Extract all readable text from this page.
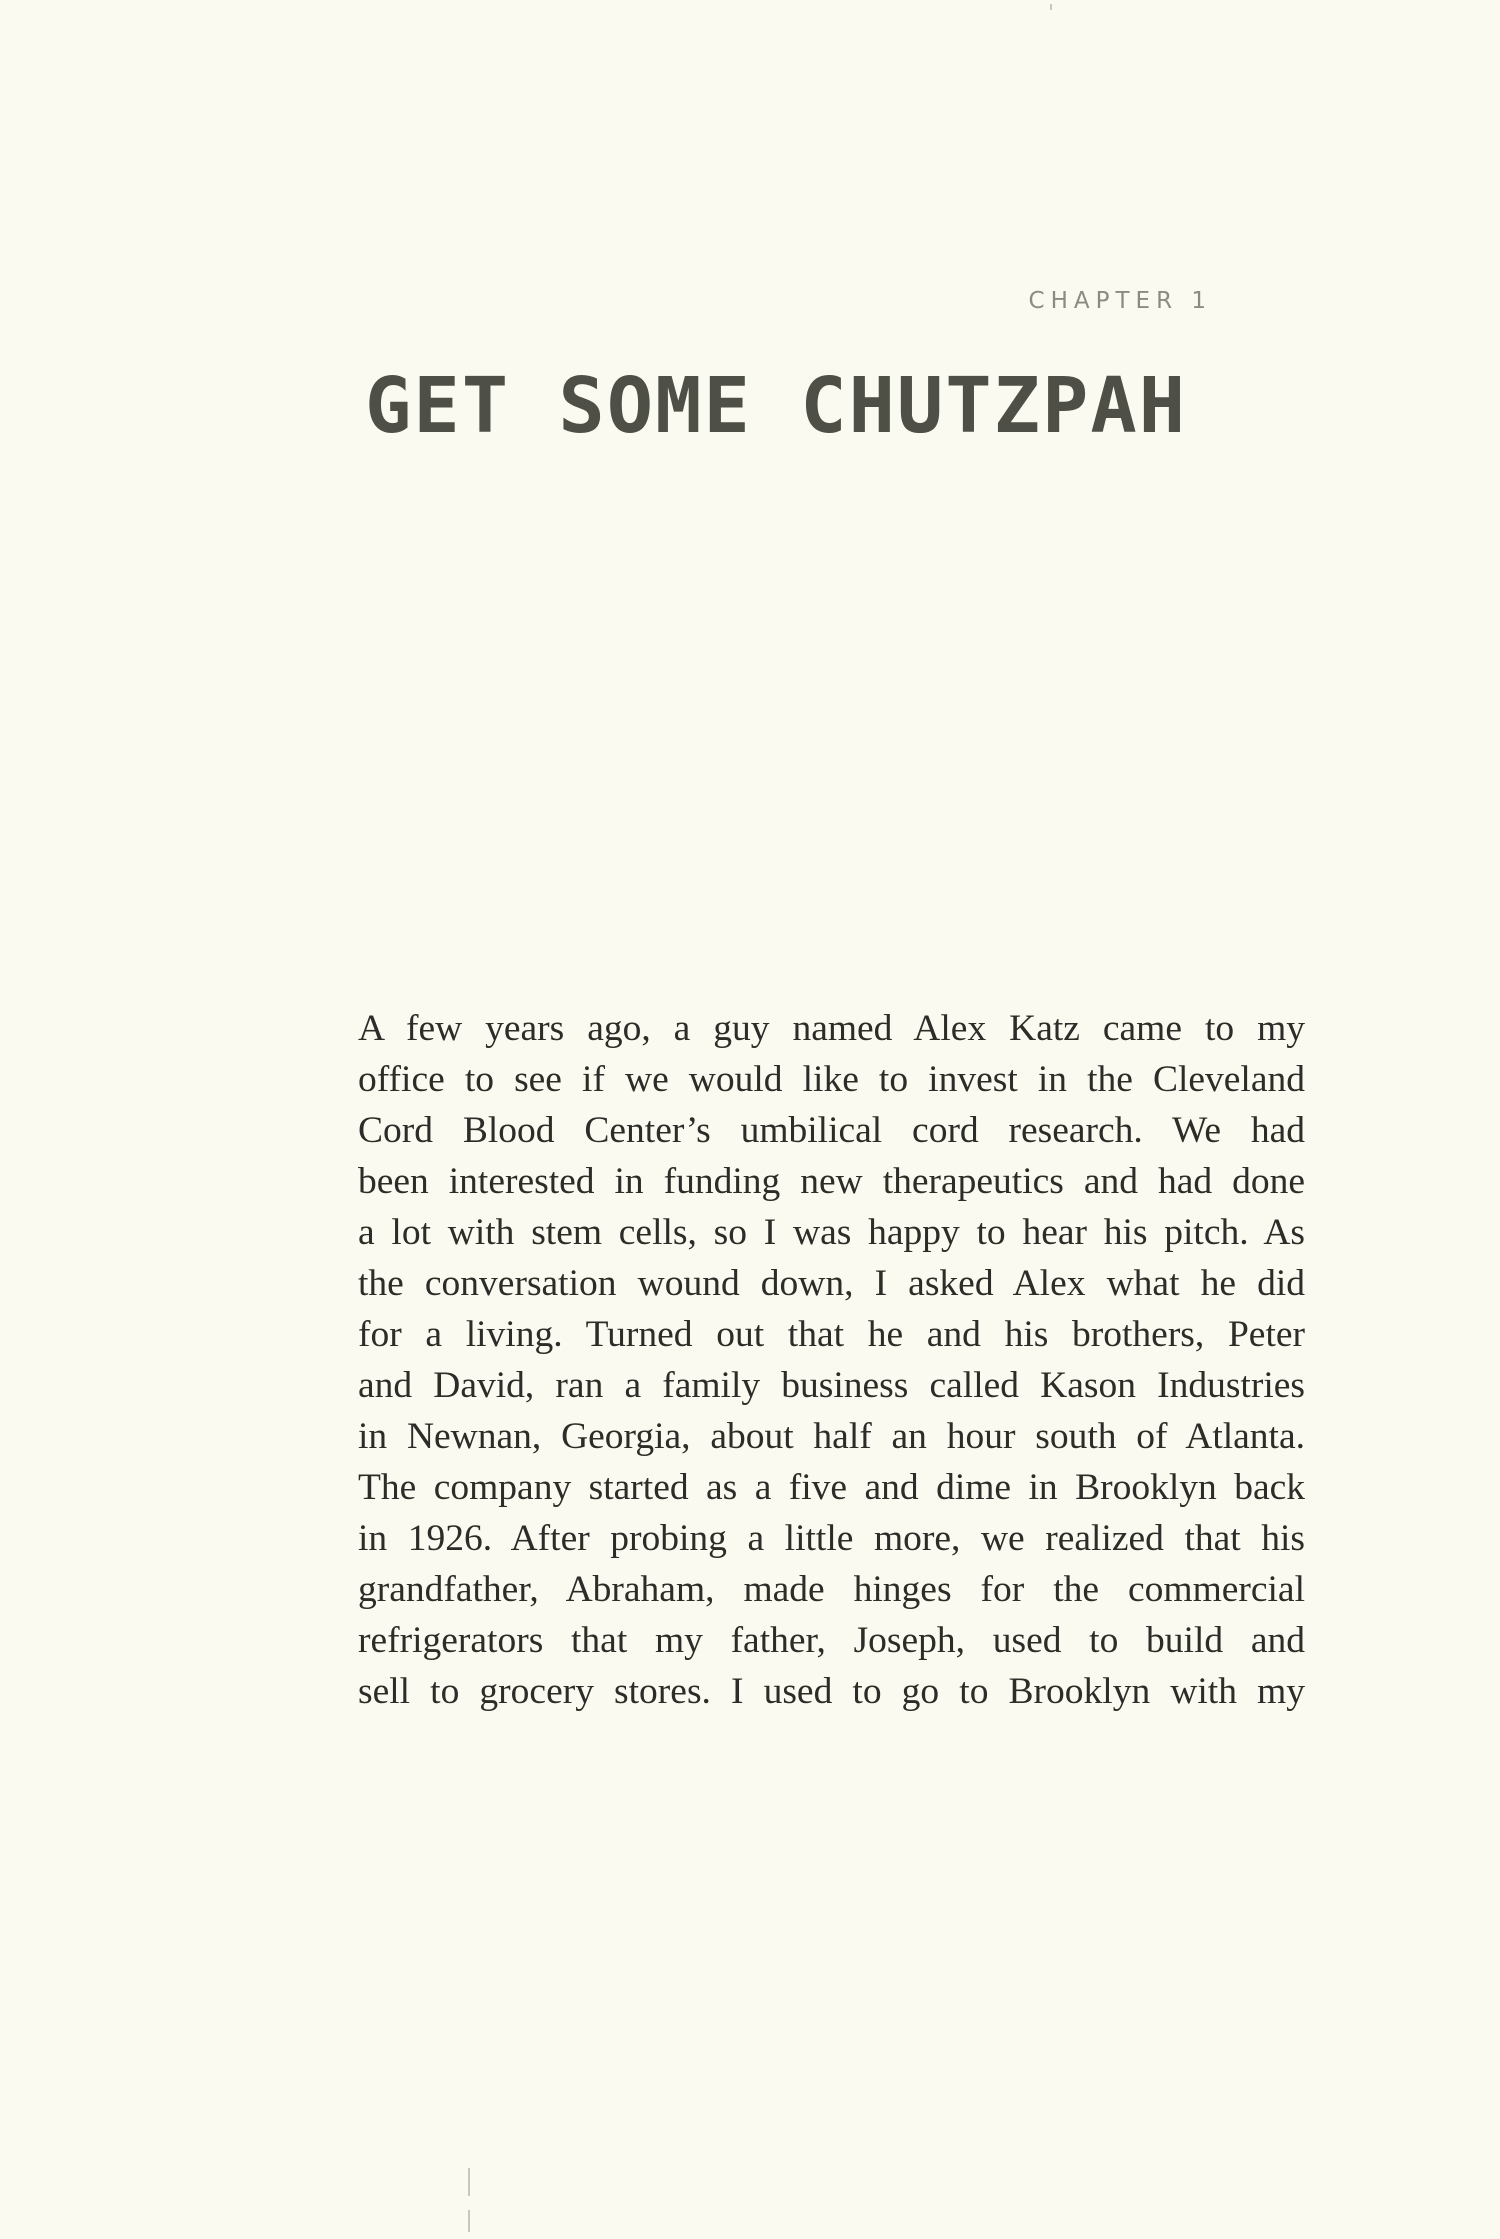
CHAPTER 1
GET SOME CHUTZPAH
A few years ago, a guy named Alex Katz came to my
office to see if we would like to invest in the Cleveland
Cord Blood Center’s umbilical cord research. We had
been interested in funding new therapeutics and had done
a lot with stem cells, so I was happy to hear his pitch. As
the conversation wound down, I asked Alex what he did
for a living. Turned out that he and his brothers, Peter
and David, ran a family business called Kason Industries
in Newnan, Georgia, about half an hour south of Atlanta.
The company started as a five and dime in Brooklyn back
in 1926. After probing a little more, we realized that his
grandfather, Abraham, made hinges for the commercial
refrigerators that my father, Joseph, used to build and
sell to grocery stores. I used to go to Brooklyn with my
